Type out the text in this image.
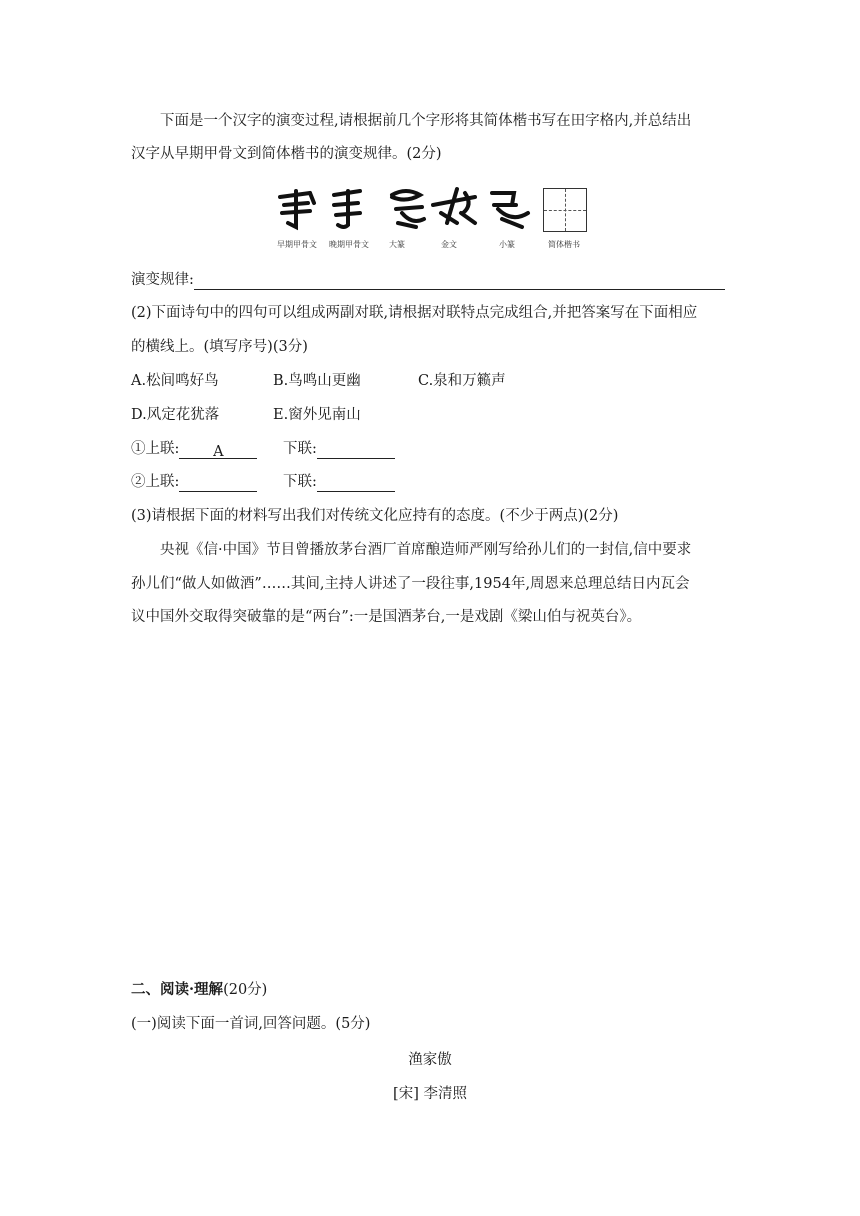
下面是一个汉字的演变过程,请根据前几个字形将其简体楷书写在田字格内,并总结出
汉字从早期甲骨文到简体楷书的演变规律。(2分)
早期甲骨文	晚期甲骨文	大篆	金文	小篆	简体楷书
演变规律:
(2)下面诗句中的四句可以组成两副对联,请根据对联特点完成组合,并把答案写在下面相应
的横线上。(填写序号)(3分)
A.松间鸣好鸟	B.鸟鸣山更幽	C.泉和万籁声
D.风定花犹落	E.窗外见南山
①上联: A	下联:
②上联:	下联:
(3)请根据下面的材料写出我们对传统文化应持有的态度。(不少于两点)(2分)
央视《信·中国》节目曾播放茅台酒厂首席酿造师严刚写给孙儿们的一封信,信中要求
孙儿们“做人如做酒”……其间,主持人讲述了一段往事,1954年,周恩来总理总结日内瓦会
议中国外交取得突破靠的是“两台”:一是国酒茅台,一是戏剧《梁山伯与祝英台》。
二、阅读·理解(20分)
(一)阅读下面一首词,回答问题。(5分)
渔家傲
[宋] 李清照
